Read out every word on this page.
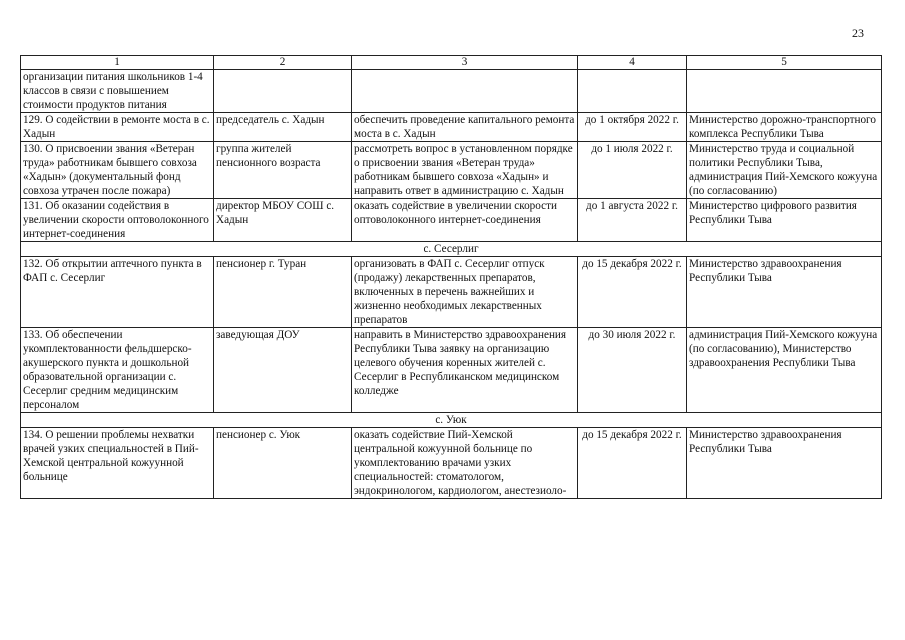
23
1	2	3	4	5
организации питания школьников 1-4 классов в связи с повышением стоимости продуктов питания				
129. О содействии в ремонте моста в с. Хадын	председатель с. Хадын	обеспечить проведение капитального ремонта моста в с. Хадын	до 1 октября 2022 г.	Министерство дорожно-транспортного комплекса Республики Тыва
130. О присвоении звания «Ветеран труда» работникам бывшего совхоза «Хадын» (документальный фонд совхоза утрачен после пожара)	группа жителей пенсионного возраста	рассмотреть вопрос в установленном порядке о присвоении звания «Ветеран труда» работникам бывшего совхоза «Хадын» и направить ответ в администрацию с. Хадын	до 1 июля 2022 г.	Министерство труда и социальной политики Республики Тыва, администрация Пий-Хемского кожууна (по согласованию)
131. Об оказании содействия в увеличении скорости оптоволоконного интернет-соединения	директор МБОУ СОШ с. Хадын	оказать содействие в увеличении скорости оптоволоконного интернет-соединения	до 1 августа 2022 г.	Министерство цифрового развития Республики Тыва
с. Сесерлиг				
132. Об открытии аптечного пункта в ФАП с. Сесерлиг	пенсионер г. Туран	организовать в ФАП с. Сесерлиг отпуск (продажу) лекарственных препаратов, включенных в перечень важнейших и жизненно необходимых лекарственных препаратов	до 15 декабря 2022 г.	Министерство здравоохранения Республики Тыва
133. Об обеспечении укомплектованности фельдшерско-акушерского пункта и дошкольной образовательной организации с. Сесерлиг средним медицинским персоналом	заведующая ДОУ	направить в Министерство здравоохранения Республики Тыва заявку на организацию целевого обучения коренных жителей с. Сесерлиг в Республиканском медицинском колледже	до 30 июля 2022 г.	администрация Пий-Хемского кожууна (по согласованию), Министерство здравоохранения Республики Тыва
с. Уюк				
134. О решении проблемы нехватки врачей узких специальностей в Пий-Хемской центральной кожуунной больнице	пенсионер с. Уюк	оказать содействие Пий-Хемской центральной кожуунной больнице по укомплектованию врачами узких специальностей: стоматологом, эндокринологом, кардиологом, анестезиоло-	до 15 декабря 2022 г.	Министерство здравоохранения Республики Тыва
